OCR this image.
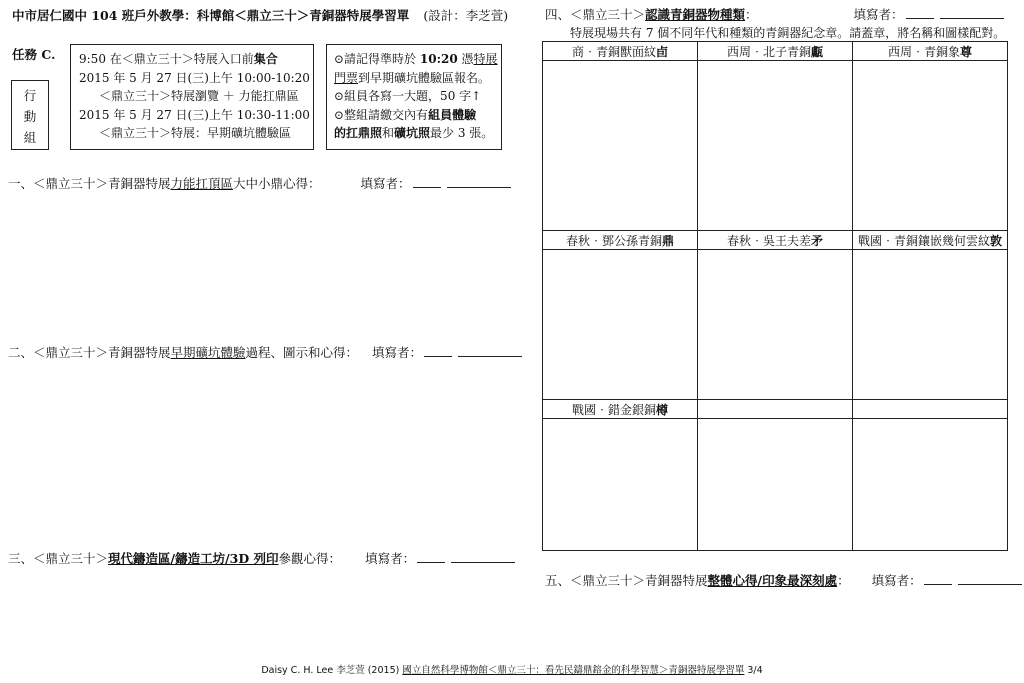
中市居仁國中 104 班戶外教學：科博館＜鼎立三十＞青銅器特展學習單 (設計：李芝萱)
任務 C.
行
動
組
9:50 在＜鼎立三十＞特展入口前集合
2015 年 5 月 27 日(三)上午 10:00-10:20
＜鼎立三十＞特展瀏覽 ＋ 力能扛鼎區
2015 年 5 月 27 日(三)上午 10:30-11:00
＜鼎立三十＞特展：早期礦坑體驗區
⊙請記得準時於 10:20 憑特展
門票到早期礦坑體驗區報名。
⊙組員各寫一大題，50 字↑
⊙整組請繳交內有組員體驗
的扛鼎照和礦坑照最少 3 張。
一、＜鼎立三十＞青銅器特展力能扛頂區大中小鼎心得：	填寫者：
二、＜鼎立三十＞青銅器特展早期礦坑體驗過程、圖示和心得： 填寫者：
三、＜鼎立三十＞現代鑄造區/鑄造工坊/3D 列印參觀心得： 填寫者：
四、＜鼎立三十＞認識青銅器物種類：	填寫者：
特展現場共有 7 個不同年代和種類的青銅器紀念章。請蓋章，將名稱和圖樣配對。
商‧青銅獸面紋卣	西周‧北子青銅甗	西周‧青銅象尊

春秋‧鄧公孫青銅鼎	春秋‧吳王夫差矛	戰國‧青銅鑲嵌幾何雲紋敦

戰國‧錯金銀銅樽		

五、＜鼎立三十＞青銅器特展整體心得/印象最深刻處： 填寫者：
Daisy C. H. Lee 李芝萱 (2015) 國立自然科學博物館＜鼎立三十：看先民鑄鼎鎔金的科學智慧＞青銅器特展學習單 3/4
